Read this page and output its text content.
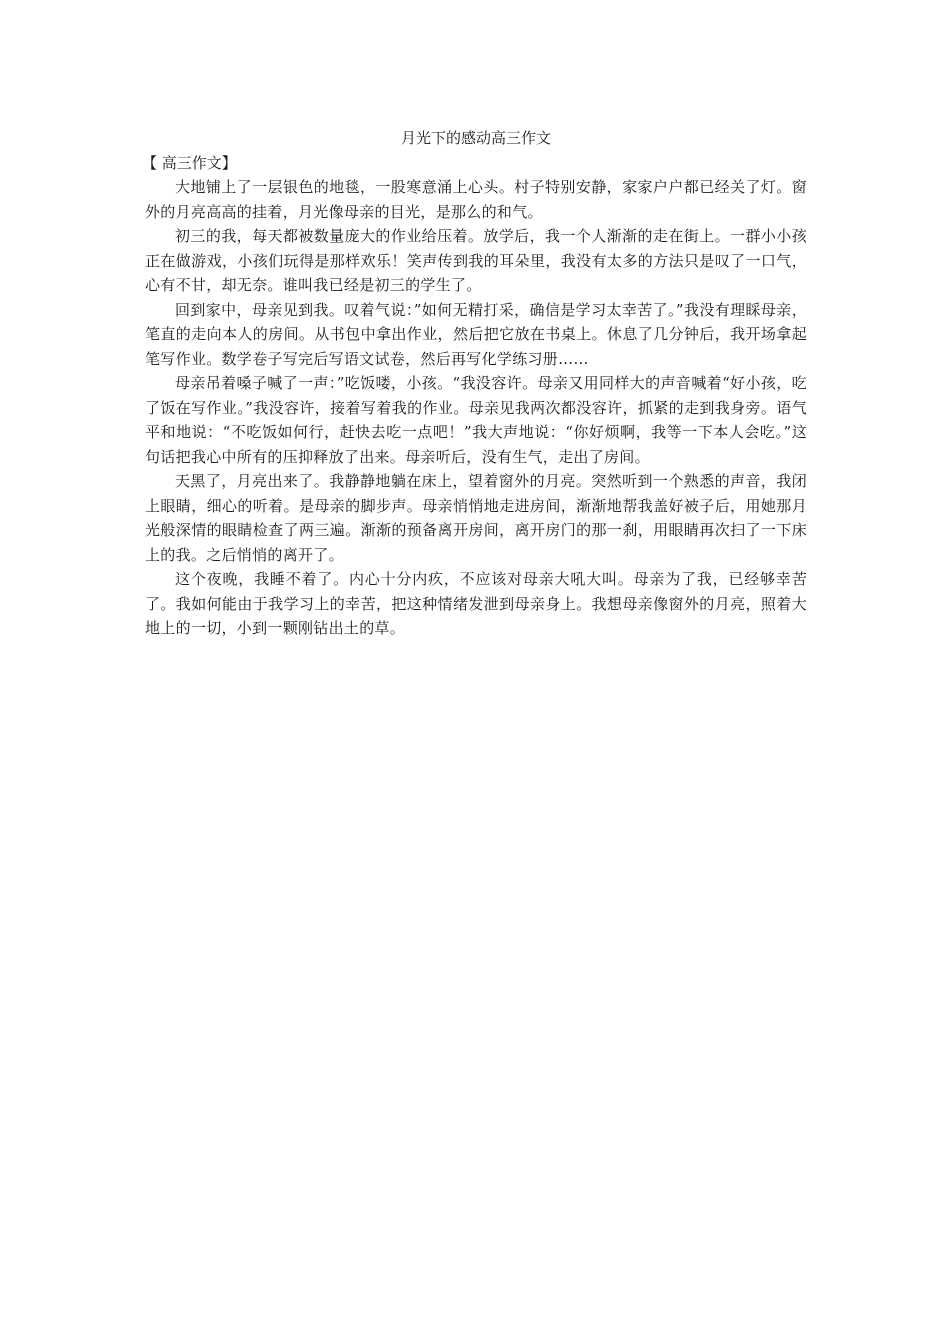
月光下的感动高三作文
【 高三作文】

大地铺上了一层银色的地毯，一股寒意涌上心头。村子特别安静，家家户户都已经关了灯。窗外的月亮高高的挂着，月光像母亲的目光，是那么的和气。

初三的我，每天都被数量庞大的作业给压着。放学后，我一个人渐渐的走在街上。一群小小孩正在做游戏，小孩们玩得是那样欢乐！笑声传到我的耳朵里，我没有太多的方法只是叹了一口气，心有不甘，却无奈。谁叫我已经是初三的学生了。

回到家中，母亲见到我。叹着气说：”如何无精打采，确信是学习太幸苦了。”我没有理睬母亲，笔直的走向本人的房间。从书包中拿出作业，然后把它放在书桌上。休息了几分钟后，我开场拿起笔写作业。数学卷子写完后写语文试卷，然后再写化学练习册……

母亲吊着嗓子喊了一声：”吃饭喽，小孩。“我没容许。母亲又用同样大的声音喊着“好小孩，吃了饭在写作业。”我没容许，接着写着我的作业。母亲见我两次都没容许，抓紧的走到我身旁。语气平和地说：“不吃饭如何行，赶快去吃一点吧！”我大声地说：“你好烦啊，我等一下本人会吃。”这句话把我心中所有的压抑释放了出来。母亲听后，没有生气，走出了房间。

天黑了，月亮出来了。我静静地躺在床上，望着窗外的月亮。突然听到一个熟悉的声音，我闭上眼睛，细心的听着。是母亲的脚步声。母亲悄悄地走进房间，渐渐地帮我盖好被子后，用她那月光般深情的眼睛检查了两三遍。渐渐的预备离开房间，离开房门的那一刹，用眼睛再次扫了一下床上的我。之后悄悄的离开了。

这个夜晚，我睡不着了。内心十分内疚，不应该对母亲大吼大叫。母亲为了我，已经够幸苦了。我如何能由于我学习上的幸苦，把这种情绪发泄到母亲身上。我想母亲像窗外的月亮，照着大地上的一切，小到一颗刚钻出土的草。
